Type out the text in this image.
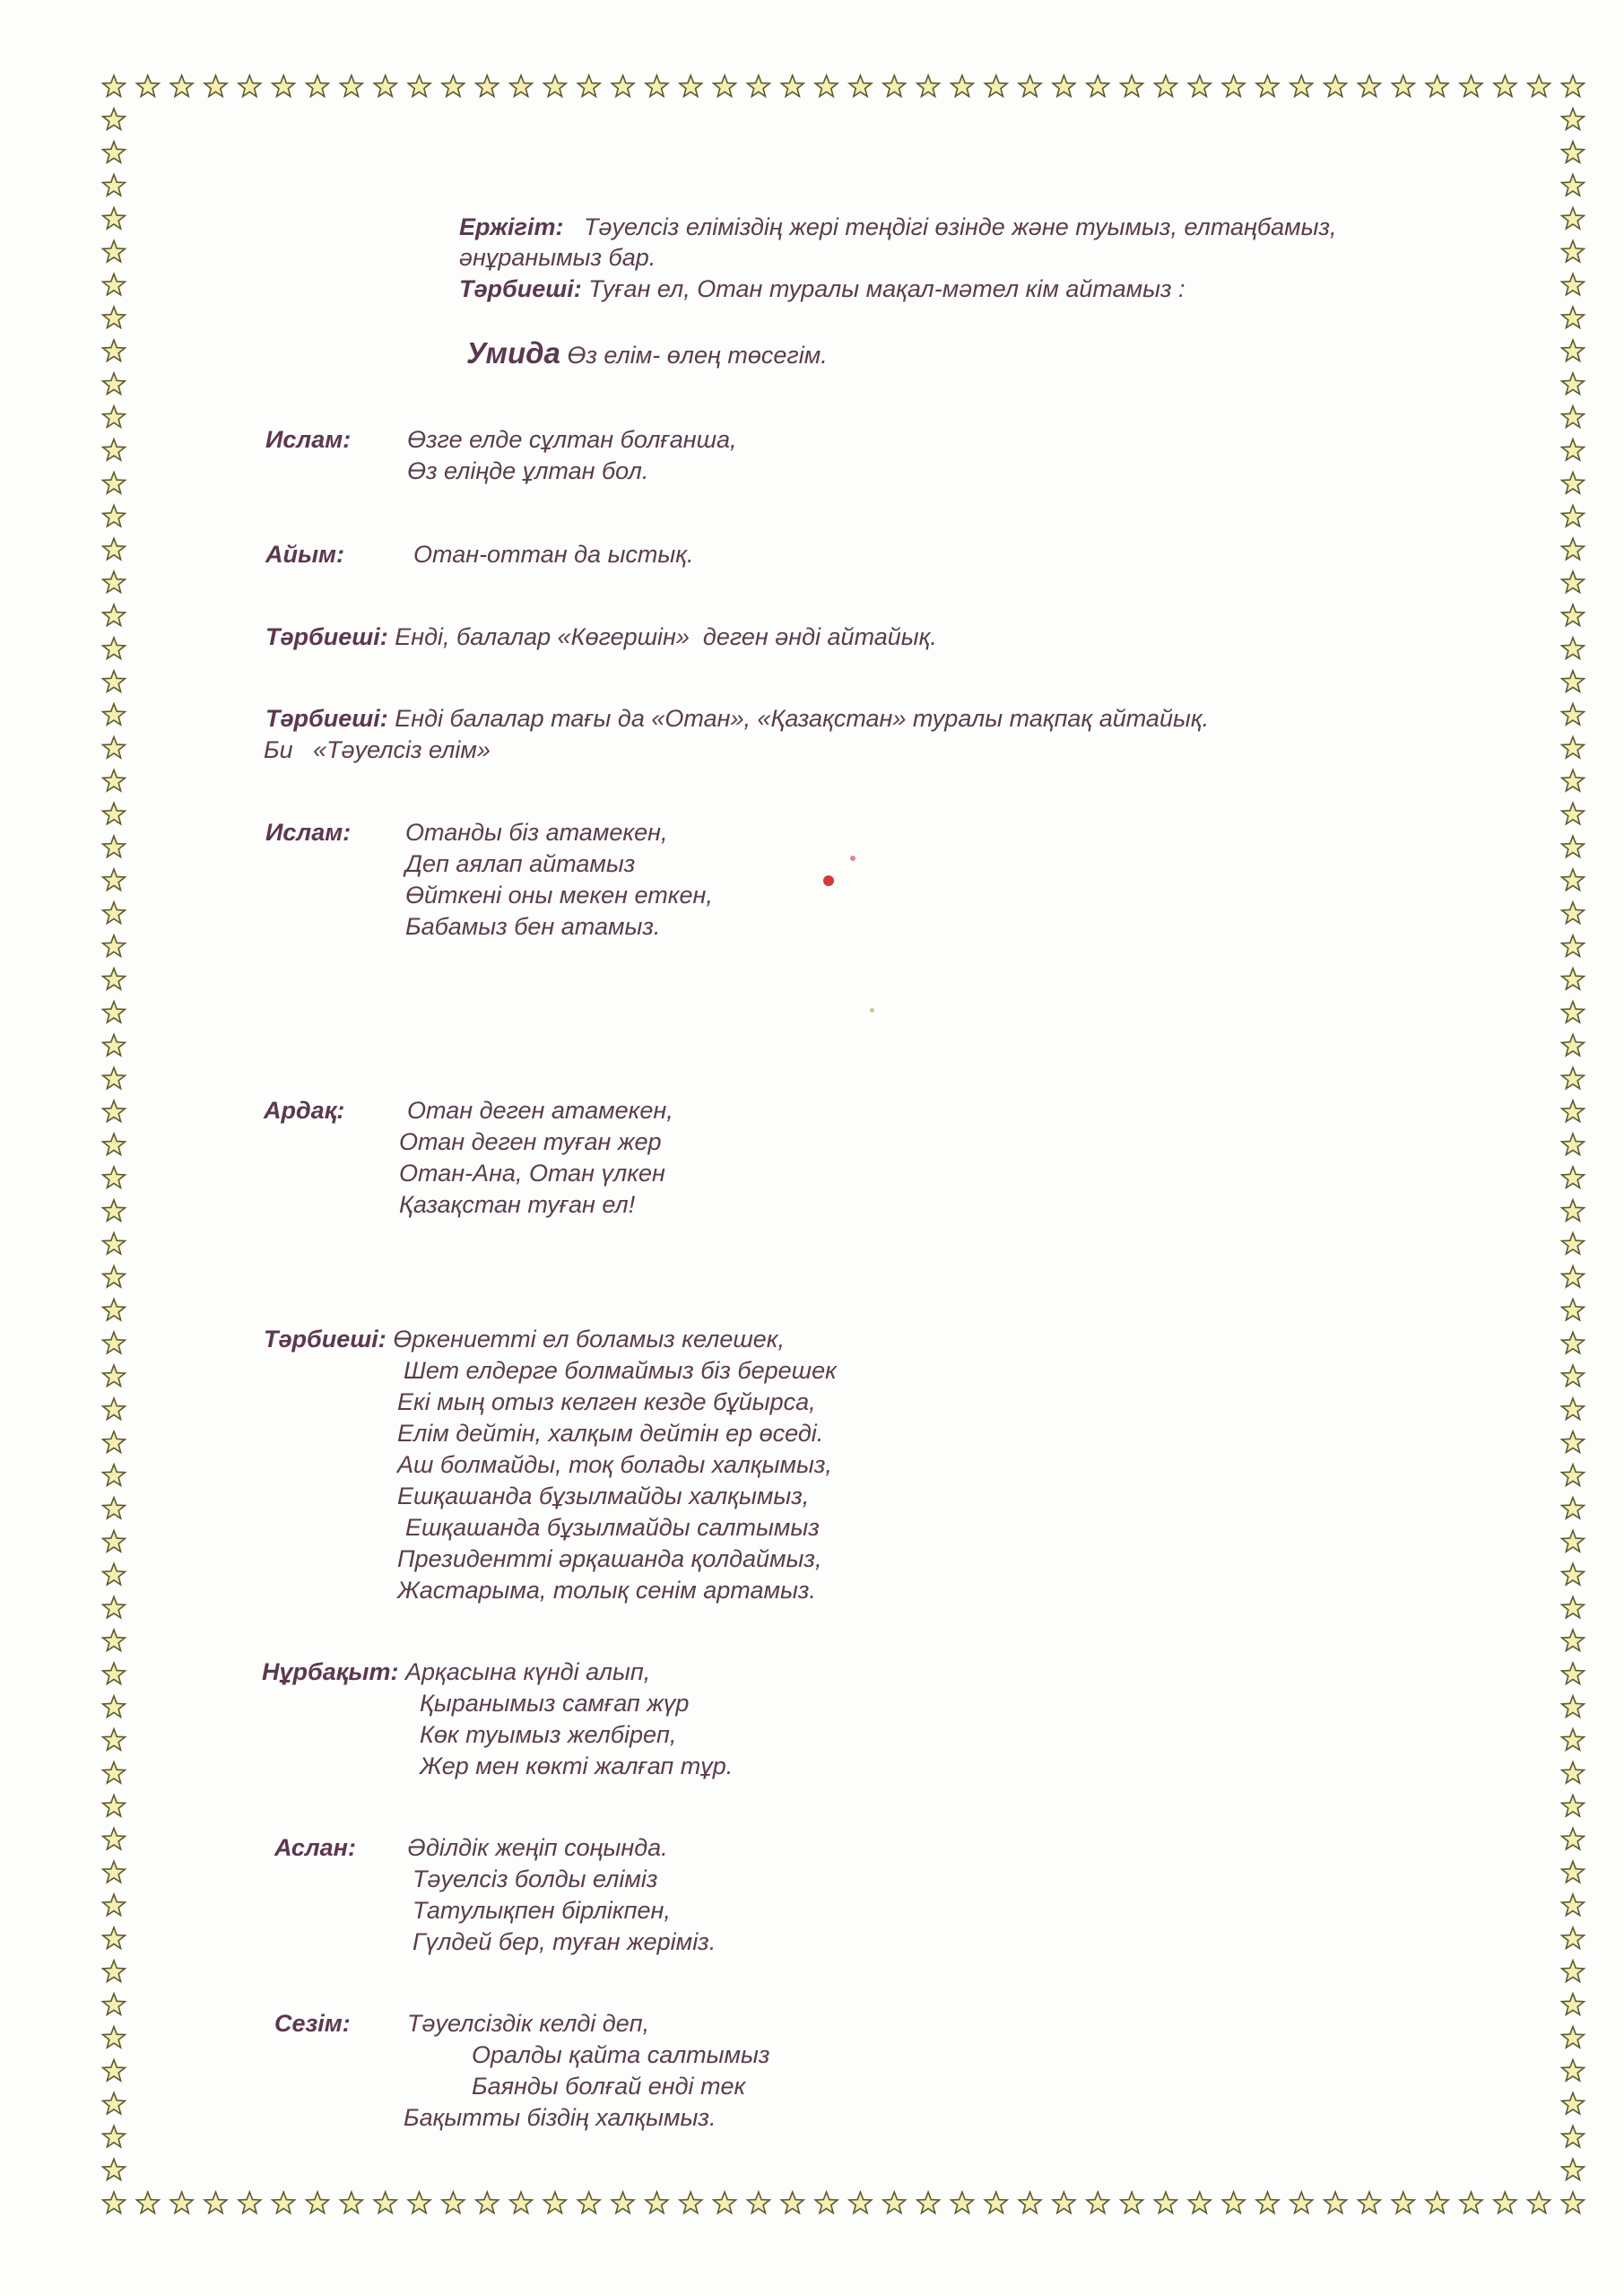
Ержігіт: Тәуелсіз еліміздің жері теңдігі өзінде және туымыз, елтаңбамыз,

әнұранымыз бар.

Тәрбиеші: Туған ел, Отан туралы мақал-мәтел кім айтамыз :

Умида Өз елім- өлең төсегім.

Ислам: Өзге елде сұлтан болғанша,

Өз еліңде ұлтан бол.

Айым:	Отан-оттан да ыстық.

Тәрбиеші: Енді, балалар «Көгершін»  деген әнді айтайық.

Тәрбиеші: Енді балалар тағы да «Отан», «Қазақстан» туралы тақпақ айтайық.

Би   «Тәуелсіз елім»

Ислам: Отанды біз атамекен,

Деп аялап айтамыз

Өйткені оны мекен еткен,

Бабамыз бен атамыз.

Ардақ:	Отан деген атамекен,

Отан деген туған жер

Отан-Ана, Отан үлкен

Қазақстан туған ел!

Тәрбиеші: Өркениетті ел боламыз келешек,

Шет елдерге болмаймыз біз берешек

Екі мың отыз келген кезде бұйырса,

Елім дейтін, халқым дейтін ер өседі.

Аш болмайды, тоқ болады халқымыз,

Ешқашанда бұзылмайды халқымыз,

Ешқашанда бұзылмайды салтымыз

Президентті әрқашанда қолдаймыз,

Жастарыма, толық сенім артамыз.

Нұрбақыт: Арқасына күнді алып,

Қыранымыз самғап жүр

Көк туымыз желбіреп,

Жер мен көкті жалғап тұр.

Аслан: Әділдік жеңіп соңында.

Тәуелсіз болды еліміз

Татулықпен бірлікпен,

Гүлдей бер, туған жеріміз.

Сезім: Тәуелсіздік келді деп,

Оралды қайта салтымыз

Баянды болғай енді тек

Бақытты біздің халқымыз.
